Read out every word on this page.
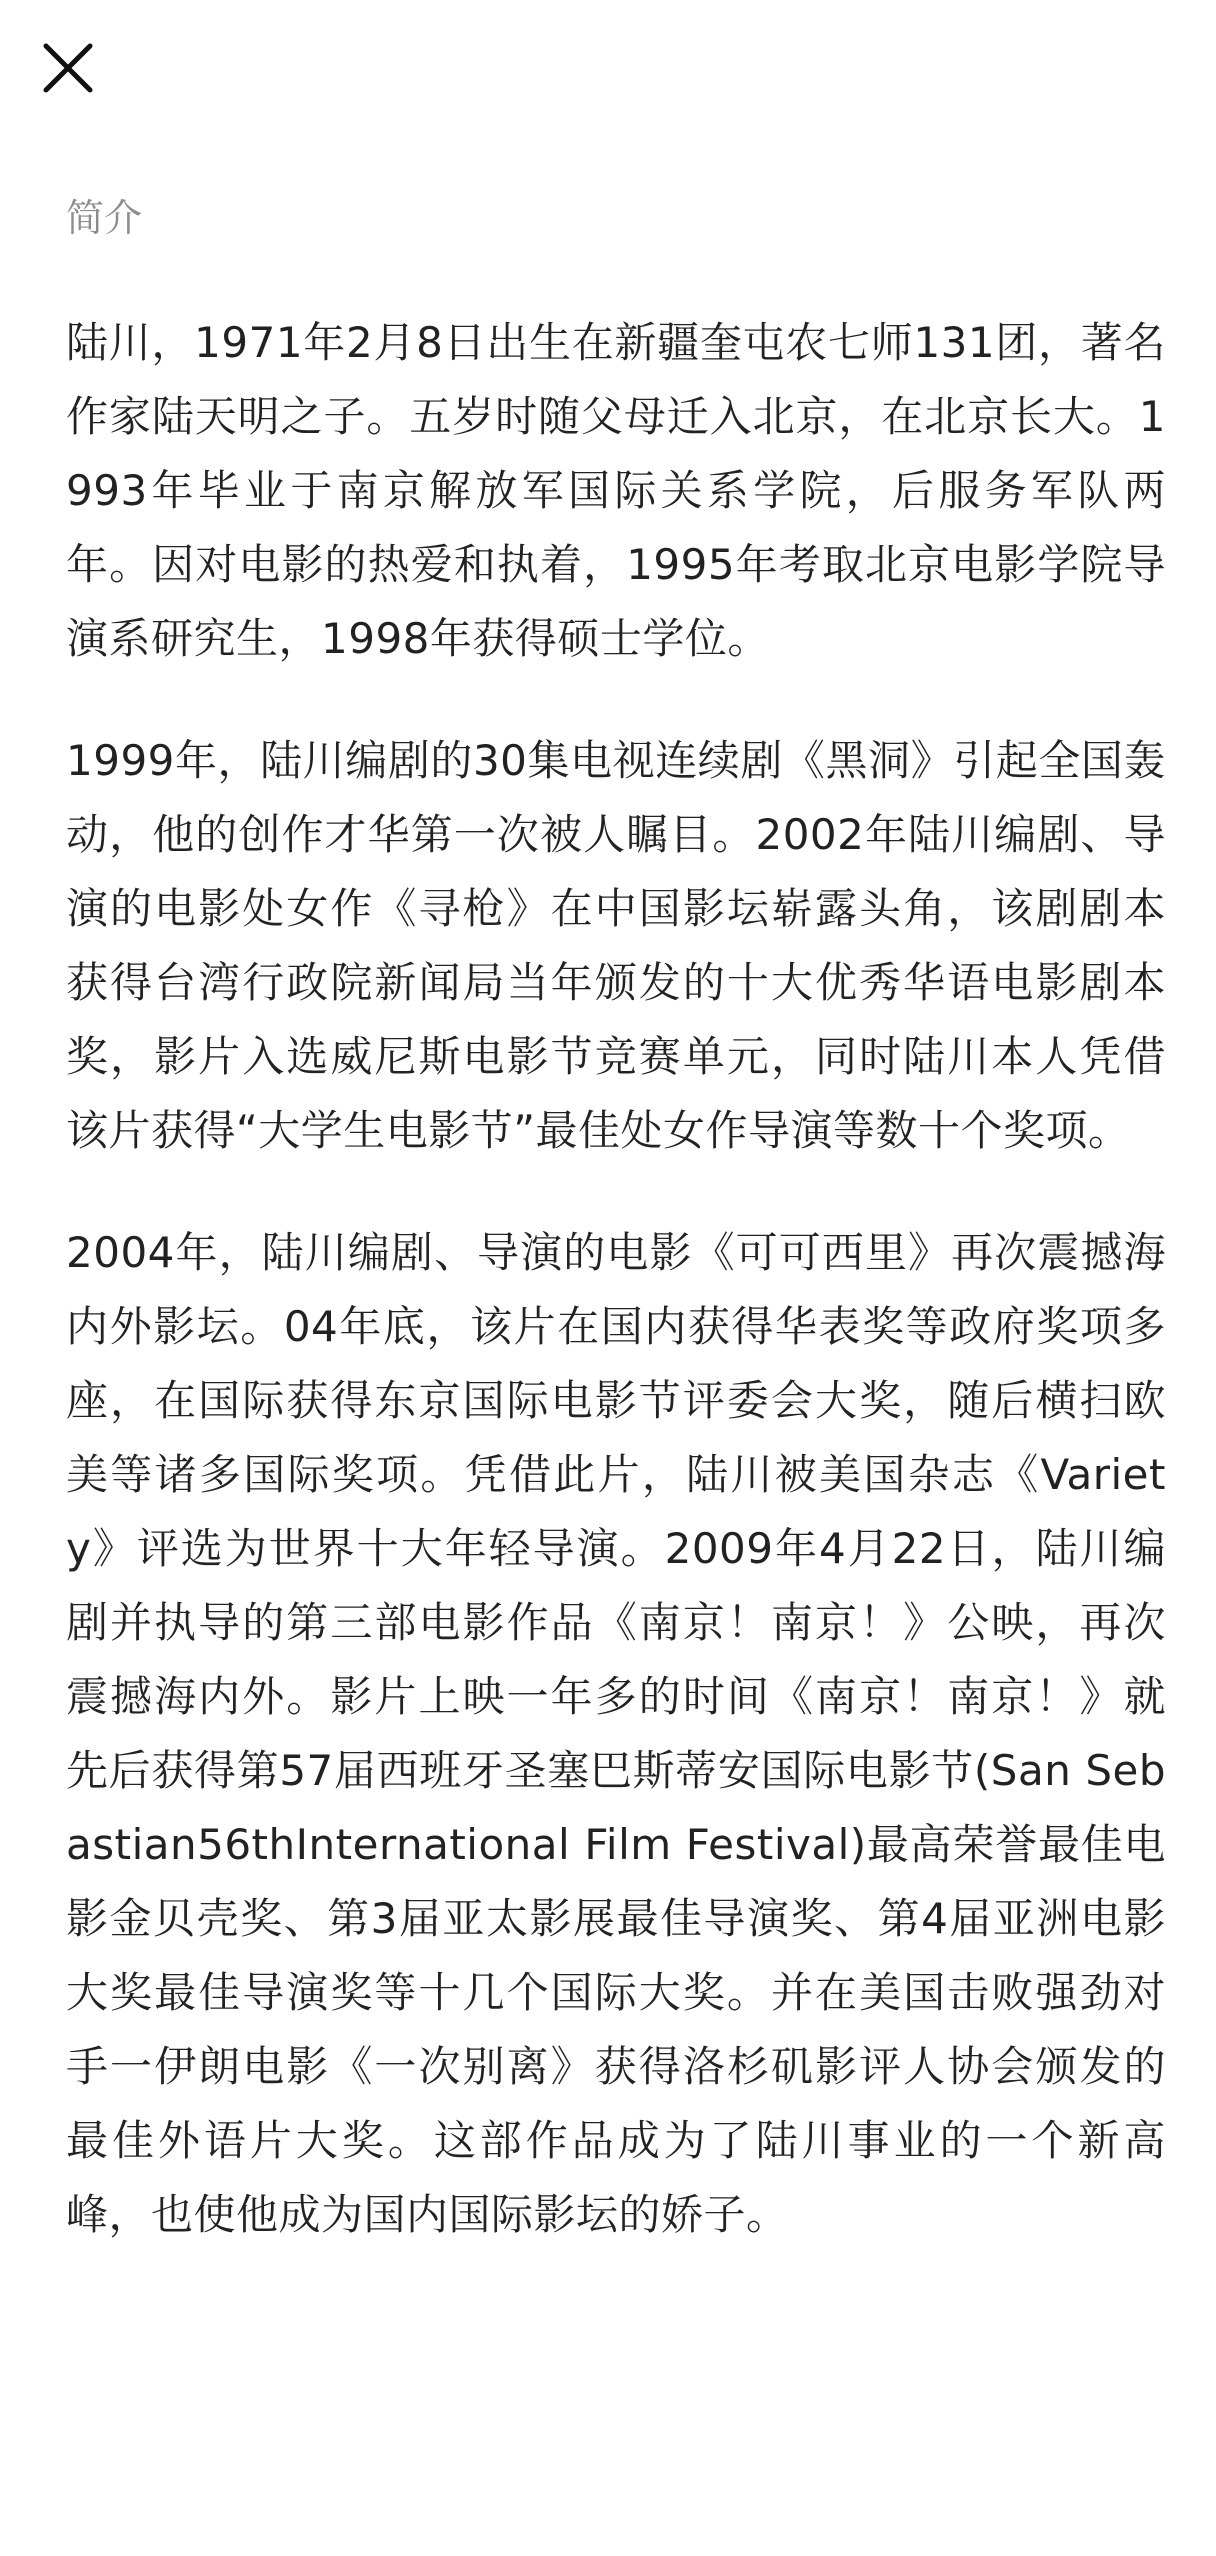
简介

陆川，1971年2月8日出生在新疆奎屯农七师131团，著名作家陆天明之子。五岁时随父母迁入北京，在北京长大。1993年毕业于南京解放军国际关系学院，后服务军队两年。因对电影的热爱和执着，1995年考取北京电影学院导演系研究生，1998年获得硕士学位。

1999年，陆川编剧的30集电视连续剧《黑洞》引起全国轰动，他的创作才华第一次被人瞩目。2002年陆川编剧、导演的电影处女作《寻枪》在中国影坛崭露头角，该剧剧本获得台湾行政院新闻局当年颁发的十大优秀华语电影剧本奖，影片入选威尼斯电影节竞赛单元，同时陆川本人凭借该片获得“大学生电影节”最佳处女作导演等数十个奖项。

2004年，陆川编剧、导演的电影《可可西里》再次震撼海内外影坛。04年底，该片在国内获得华表奖等政府奖项多座，在国际获得东京国际电影节评委会大奖，随后横扫欧美等诸多国际奖项。凭借此片，陆川被美国杂志《Variety》评选为世界十大年轻导演。2009年4月22日，陆川编剧并执导的第三部电影作品《南京！南京！》公映，再次震撼海内外。影片上映一年多的时间《南京！南京！》就先后获得第57届西班牙圣塞巴斯蒂安国际电影节(San Sebastian56thInternational Film Festival)最高荣誉最佳电影金贝壳奖、第3届亚太影展最佳导演奖、第4届亚洲电影大奖最佳导演奖等十几个国际大奖。并在美国击败强劲对手一伊朗电影《一次别离》获得洛杉矶影评人协会颁发的最佳外语片大奖。这部作品成为了陆川事业的一个新高峰，也使他成为国内国际影坛的娇子。
